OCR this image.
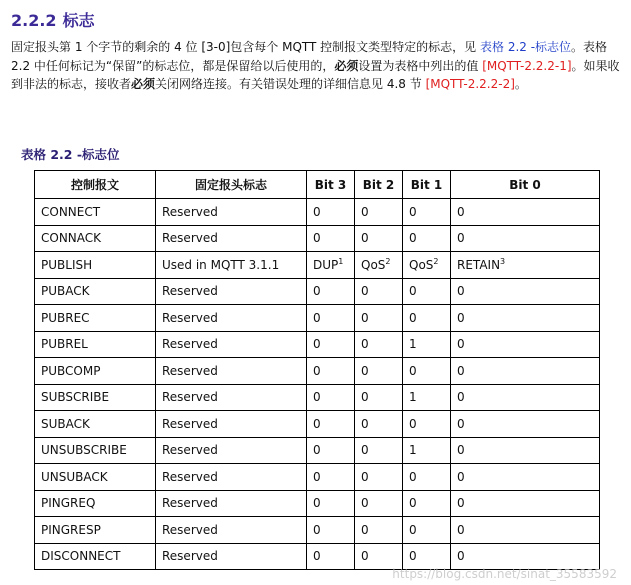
2.2.2 标志

固定报头第 1 个字节的剩余的 4 位 [3-0]包含每个 MQTT 控制报文类型特定的标志，见 表格 2.2 -标志位。表格 2.2 中任何标记为“保留”的标志位，都是保留给以后使用的，必须设置为表格中列出的值 [MQTT-2.2.2-1]。如果收到非法的标志，接收者必须关闭网络连接。有关错误处理的详细信息见 4.8 节 [MQTT-2.2.2-2]。

表格 2.2 -标志位
控制报文	固定报头标志	Bit 3	Bit 2	Bit 1	Bit 0
CONNECT	Reserved	0	0	0	0
CONNACK	Reserved	0	0	0	0
PUBLISH	Used in MQTT 3.1.1	DUP$^1$	QoS$^2$	QoS$^2$	RETAIN$^3$
PUBACK	Reserved	0	0	0	0
PUBREC	Reserved	0	0	0	0
PUBREL	Reserved	0	0	1	0
PUBCOMP	Reserved	0	0	0	0
SUBSCRIBE	Reserved	0	0	1	0
SUBACK	Reserved	0	0	0	0
UNSUBSCRIBE	Reserved	0	0	1	0
UNSUBACK	Reserved	0	0	0	0
PINGREQ	Reserved	0	0	0	0
PINGRESP	Reserved	0	0	0	0
DISCONNECT	Reserved	0	0	0	0
https://blog.csdn.net/sinat_35583592
